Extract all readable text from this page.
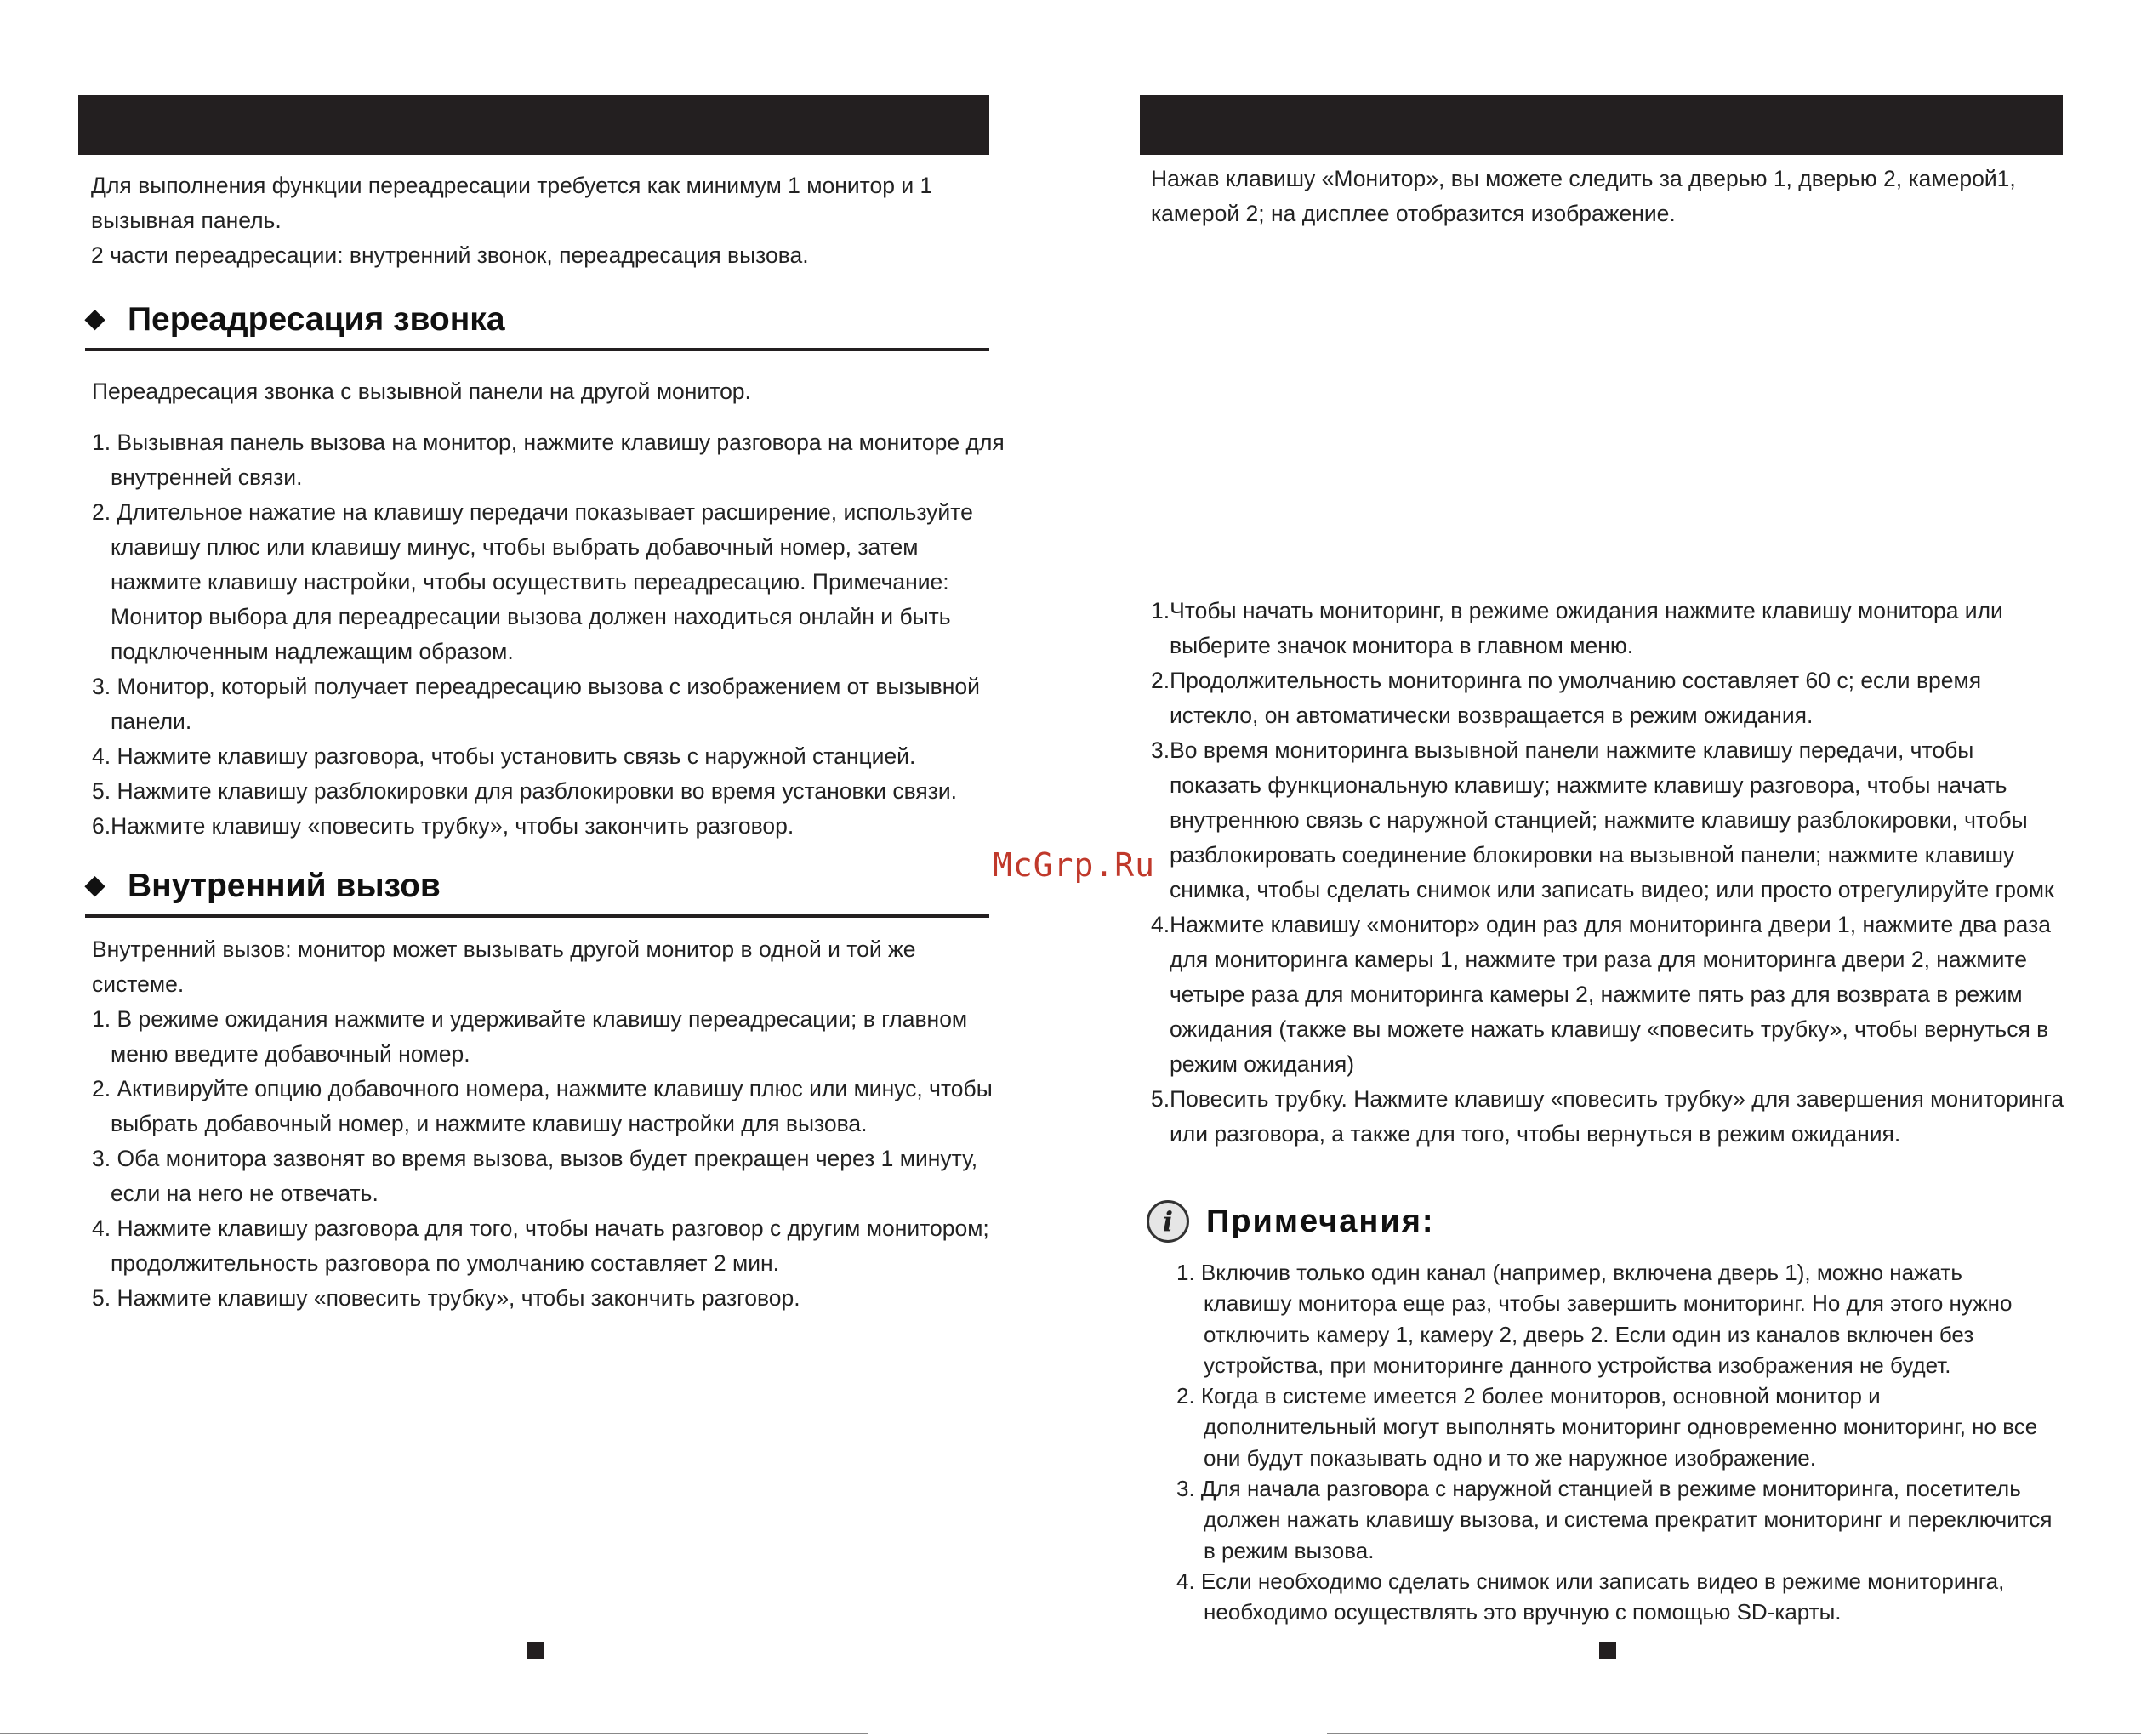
Для выполнения функции переадресации требуется как минимум 1 монитор и 1

вызывная панель.

2 части переадресации: внутренний звонок, переадресация вызова.

◆ Переадресация звонка

Переадресация звонка с вызывной панели на другой монитор.

1. Вызывная панель вызова на монитор, нажмите клавишу разговора на мониторе для внутренней связи.
2. Длительное нажатие на клавишу передачи показывает расширение, используйте клавишу плюс или клавишу минус, чтобы выбрать добавочный номер, затем нажмите клавишу настройки, чтобы осуществить переадресацию. Примечание: Монитор выбора для переадресации вызова должен находиться онлайн и быть подключенным надлежащим образом.
3. Монитор, который получает переадресацию вызова с изображением от вызывной панели.
4. Нажмите клавишу разговора, чтобы установить связь с наружной станцией.
5. Нажмите клавишу разблокировки для разблокировки во время установки связи.
6.Нажмите клавишу «повесить трубку», чтобы закончить разговор.
◆ Внутренний вызов

Внутренний вызов: монитор может вызывать другой монитор в одной и той же системе.

1. В режиме ожидания нажмите и удерживайте клавишу переадресации; в главном меню введите добавочный номер.
2. Активируйте опцию добавочного номера, нажмите клавишу плюс или минус, чтобы выбрать добавочный номер, и нажмите клавишу настройки для вызова.
3. Оба монитора зазвонят во время вызова, вызов будет прекращен через 1 минуту, если на него не отвечать.
4. Нажмите клавишу разговора для того, чтобы начать разговор с другим монитором; продолжительность разговора по умолчанию составляет 2 мин.
5. Нажмите клавишу «повесить трубку», чтобы закончить разговор.
Нажав клавишу «Монитор», вы можете следить за дверью 1, дверью 2, камерой1, камерой 2; на дисплее отобразится изображение.
1.Чтобы начать мониторинг, в режиме ожидания нажмите клавишу монитора или выберите значок монитора в главном меню.
2.Продолжительность мониторинга по умолчанию составляет 60 с; если время истекло, он автоматически возвращается в режим ожидания.
3.Во время мониторинга вызывной панели нажмите клавишу передачи, чтобы показать функциональную клавишу; нажмите клавишу разговора, чтобы начать внутреннюю связь с наружной станцией; нажмите клавишу разблокировки, чтобы разблокировать соединение блокировки на вызывной панели; нажмите клавишу снимка, чтобы сделать снимок или записать видео; или просто отрегулируйте громк
4.Нажмите клавишу «монитор» один раз для мониторинга двери 1, нажмите два раза для мониторинга камеры 1, нажмите три раза для мониторинга двери 2, нажмите четыре раза для мониторинга камеры 2, нажмите пять раз для возврата в режим ожидания (также вы можете нажать клавишу «повесить трубку», чтобы вернуться в режим ожидания)
5.Повесить трубку. Нажмите клавишу «повесить трубку» для завершения мониторинга или разговора, а также для того, чтобы вернуться в режим ожидания.
i	Примечания:
1. Включив только один канал (например, включена дверь 1), можно нажать клавишу монитора еще раз, чтобы завершить мониторинг. Но для этого нужно отключить камеру 1, камеру 2, дверь 2. Если один из каналов включен без устройства, при мониторинге данного устройства изображения не будет.
2. Когда в системе имеется 2 более мониторов, основной монитор и дополнительный могут выполнять мониторинг одновременно мониторинг, но все они будут показывать одно и то же наружное изображение.
3. Для начала разговора с наружной станцией в режиме мониторинга, посетитель должен нажать клавишу вызова, и система прекратит мониторинг и переключится в режим вызова.
4. Если необходимо сделать снимок или записать видео в режиме мониторинга, необходимо осуществлять это вручную с помощью SD-карты.
McGrp.Ru
